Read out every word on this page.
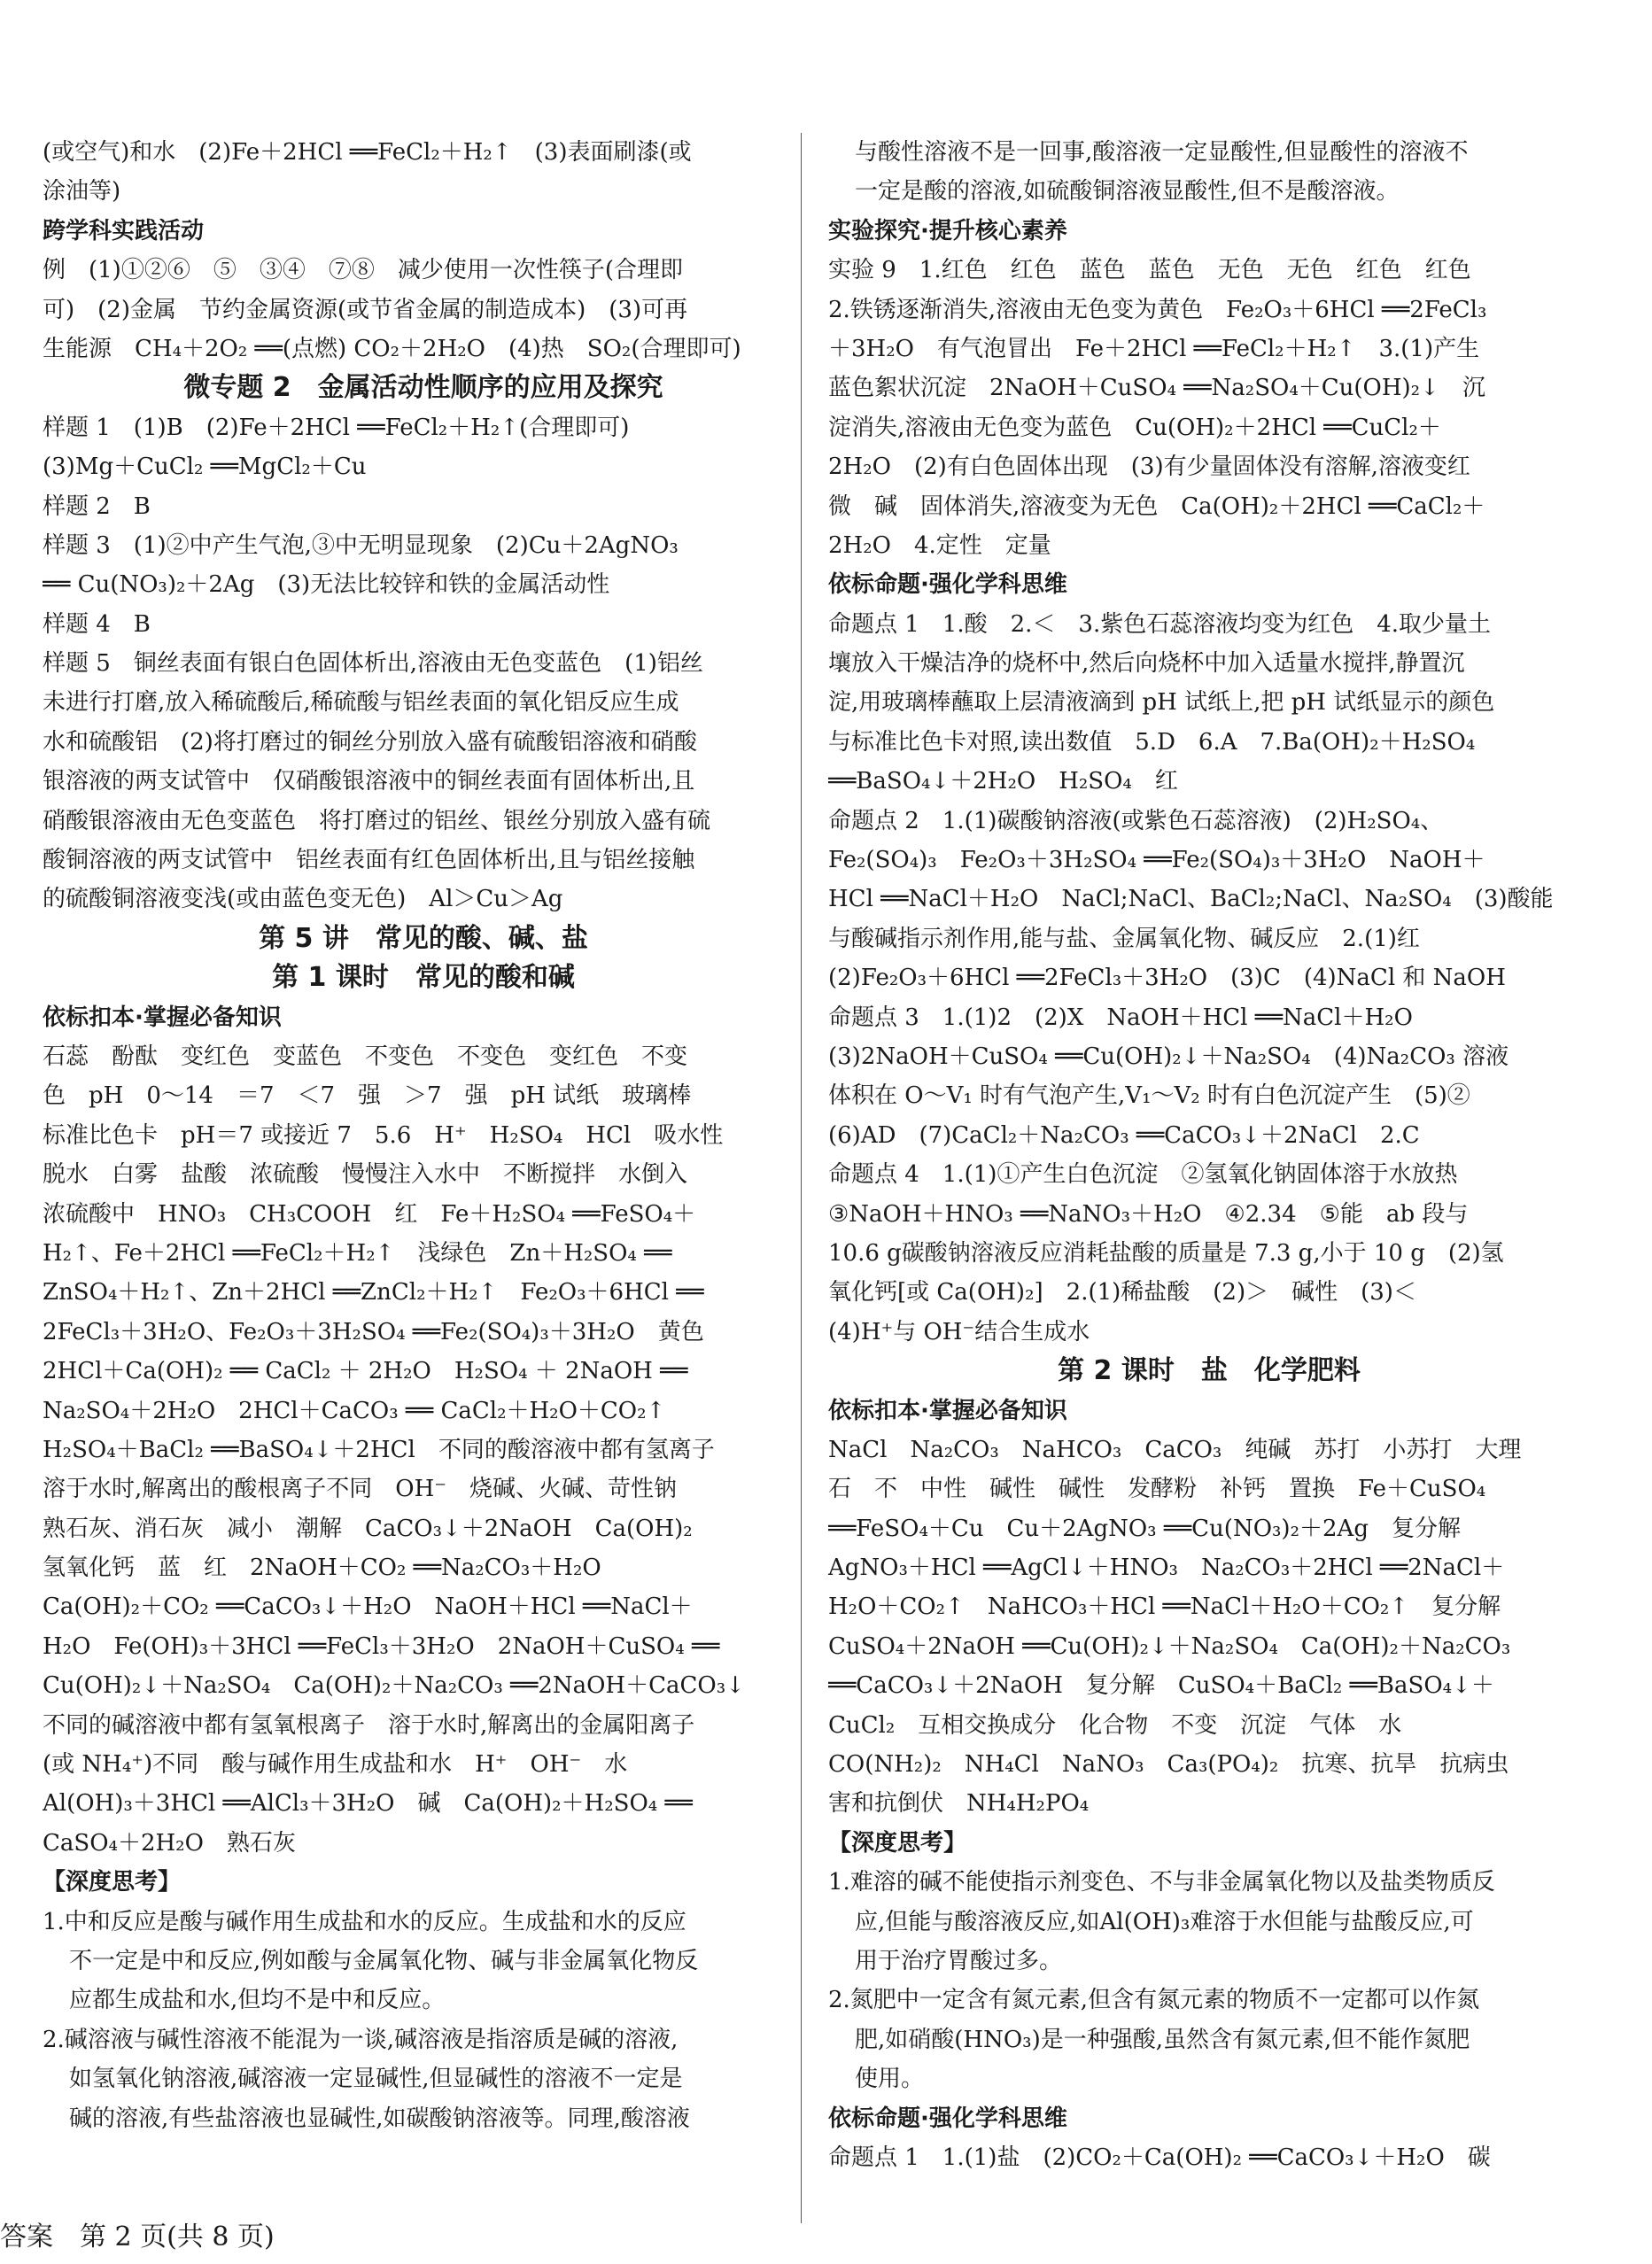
(或空气)和水　(2)Fe＋2HCl ══FeCl₂＋H₂↑　(3)表面刷漆(或
涂油等)
跨学科实践活动
例　(1)①②⑥　⑤　③④　⑦⑧　减少使用一次性筷子(合理即
可)　(2)金属　节约金属资源(或节省金属的制造成本)　(3)可再
生能源　CH₄＋2O₂ ══(点燃) CO₂＋2H₂O　(4)热　SO₂(合理即可)
微专题 2　金属活动性顺序的应用及探究
样题 1　(1)B　(2)Fe＋2HCl ══FeCl₂＋H₂↑(合理即可)
(3)Mg＋CuCl₂ ══MgCl₂＋Cu
样题 2　B
样题 3　(1)②中产生气泡,③中无明显现象　(2)Cu＋2AgNO₃
══ Cu(NO₃)₂＋2Ag　(3)无法比较锌和铁的金属活动性
样题 4　B
样题 5　铜丝表面有银白色固体析出,溶液由无色变蓝色　(1)铝丝
未进行打磨,放入稀硫酸后,稀硫酸与铝丝表面的氧化铝反应生成
水和硫酸铝　(2)将打磨过的铜丝分别放入盛有硫酸铝溶液和硝酸
银溶液的两支试管中　仅硝酸银溶液中的铜丝表面有固体析出,且
硝酸银溶液由无色变蓝色　将打磨过的铝丝、银丝分别放入盛有硫
酸铜溶液的两支试管中　铝丝表面有红色固体析出,且与铝丝接触
的硫酸铜溶液变浅(或由蓝色变无色)　Al＞Cu＞Ag
第 5 讲　常见的酸、碱、盐
第 1 课时　常见的酸和碱
依标扣本·掌握必备知识
石蕊　酚酞　变红色　变蓝色　不变色　不变色　变红色　不变
色　pH　0～14　＝7　＜7　强　＞7　强　pH 试纸　玻璃棒
标准比色卡　pH＝7 或接近 7　5.6　H⁺　H₂SO₄　HCl　吸水性
脱水　白雾　盐酸　浓硫酸　慢慢注入水中　不断搅拌　水倒入
浓硫酸中　HNO₃　CH₃COOH　红　Fe＋H₂SO₄ ══FeSO₄＋
H₂↑、Fe＋2HCl ══FeCl₂＋H₂↑　浅绿色　Zn＋H₂SO₄ ══
ZnSO₄＋H₂↑、Zn＋2HCl ══ZnCl₂＋H₂↑　Fe₂O₃＋6HCl ══
2FeCl₃＋3H₂O、Fe₂O₃＋3H₂SO₄ ══Fe₂(SO₄)₃＋3H₂O　黄色
2HCl＋Ca(OH)₂ ══ CaCl₂ ＋ 2H₂O　H₂SO₄ ＋ 2NaOH ══
Na₂SO₄＋2H₂O　2HCl＋CaCO₃ ══ CaCl₂＋H₂O＋CO₂↑
H₂SO₄＋BaCl₂ ══BaSO₄↓＋2HCl　不同的酸溶液中都有氢离子
溶于水时,解离出的酸根离子不同　OH⁻　烧碱、火碱、苛性钠
熟石灰、消石灰　减小　潮解　CaCO₃↓＋2NaOH　Ca(OH)₂
氢氧化钙　蓝　红　2NaOH＋CO₂ ══Na₂CO₃＋H₂O
Ca(OH)₂＋CO₂ ══CaCO₃↓＋H₂O　NaOH＋HCl ══NaCl＋
H₂O　Fe(OH)₃＋3HCl ══FeCl₃＋3H₂O　2NaOH＋CuSO₄ ══
Cu(OH)₂↓＋Na₂SO₄　Ca(OH)₂＋Na₂CO₃ ══2NaOH＋CaCO₃↓
不同的碱溶液中都有氢氧根离子　溶于水时,解离出的金属阳离子
(或 NH₄⁺)不同　酸与碱作用生成盐和水　H⁺　OH⁻　水
Al(OH)₃＋3HCl ══AlCl₃＋3H₂O　碱　Ca(OH)₂＋H₂SO₄ ══
CaSO₄＋2H₂O　熟石灰
【深度思考】
1.中和反应是酸与碱作用生成盐和水的反应。生成盐和水的反应
不一定是中和反应,例如酸与金属氧化物、碱与非金属氧化物反
应都生成盐和水,但均不是中和反应。
2.碱溶液与碱性溶液不能混为一谈,碱溶液是指溶质是碱的溶液,
如氢氧化钠溶液,碱溶液一定显碱性,但显碱性的溶液不一定是
碱的溶液,有些盐溶液也显碱性,如碳酸钠溶液等。同理,酸溶液
与酸性溶液不是一回事,酸溶液一定显酸性,但显酸性的溶液不
一定是酸的溶液,如硫酸铜溶液显酸性,但不是酸溶液。
实验探究·提升核心素养
实验 9　1.红色　红色　蓝色　蓝色　无色　无色　红色　红色
2.铁锈逐渐消失,溶液由无色变为黄色　Fe₂O₃＋6HCl ══2FeCl₃
＋3H₂O　有气泡冒出　Fe＋2HCl ══FeCl₂＋H₂↑　3.(1)产生
蓝色絮状沉淀　2NaOH＋CuSO₄ ══Na₂SO₄＋Cu(OH)₂↓　沉
淀消失,溶液由无色变为蓝色　Cu(OH)₂＋2HCl ══CuCl₂＋
2H₂O　(2)有白色固体出现　(3)有少量固体没有溶解,溶液变红
微　碱　固体消失,溶液变为无色　Ca(OH)₂＋2HCl ══CaCl₂＋
2H₂O　4.定性　定量
依标命题·强化学科思维
命题点 1　1.酸　2.＜　3.紫色石蕊溶液均变为红色　4.取少量土
壤放入干燥洁净的烧杯中,然后向烧杯中加入适量水搅拌,静置沉
淀,用玻璃棒蘸取上层清液滴到 pH 试纸上,把 pH 试纸显示的颜色
与标准比色卡对照,读出数值　5.D　6.A　7.Ba(OH)₂＋H₂SO₄
══BaSO₄↓＋2H₂O　H₂SO₄　红
命题点 2　1.(1)碳酸钠溶液(或紫色石蕊溶液)　(2)H₂SO₄、
Fe₂(SO₄)₃　Fe₂O₃＋3H₂SO₄ ══Fe₂(SO₄)₃＋3H₂O　NaOH＋
HCl ══NaCl＋H₂O　NaCl;NaCl、BaCl₂;NaCl、Na₂SO₄　(3)酸能
与酸碱指示剂作用,能与盐、金属氧化物、碱反应　2.(1)红
(2)Fe₂O₃＋6HCl ══2FeCl₃＋3H₂O　(3)C　(4)NaCl 和 NaOH
命题点 3　1.(1)2　(2)X　NaOH＋HCl ══NaCl＋H₂O
(3)2NaOH＋CuSO₄ ══Cu(OH)₂↓＋Na₂SO₄　(4)Na₂CO₃ 溶液
体积在 O～V₁ 时有气泡产生,V₁～V₂ 时有白色沉淀产生　(5)②
(6)AD　(7)CaCl₂＋Na₂CO₃ ══CaCO₃↓＋2NaCl　2.C
命题点 4　1.(1)①产生白色沉淀　②氢氧化钠固体溶于水放热
③NaOH＋HNO₃ ══NaNO₃＋H₂O　④2.34　⑤能　ab 段与
10.6 g碳酸钠溶液反应消耗盐酸的质量是 7.3 g,小于 10 g　(2)氢
氧化钙[或 Ca(OH)₂]　2.(1)稀盐酸　(2)＞　碱性　(3)＜
(4)H⁺与 OH⁻结合生成水
第 2 课时　盐　化学肥料
依标扣本·掌握必备知识
NaCl　Na₂CO₃　NaHCO₃　CaCO₃　纯碱　苏打　小苏打　大理
石　不　中性　碱性　碱性　发酵粉　补钙　置换　Fe＋CuSO₄
══FeSO₄＋Cu　Cu＋2AgNO₃ ══Cu(NO₃)₂＋2Ag　复分解
AgNO₃＋HCl ══AgCl↓＋HNO₃　Na₂CO₃＋2HCl ══2NaCl＋
H₂O＋CO₂↑　NaHCO₃＋HCl ══NaCl＋H₂O＋CO₂↑　复分解
CuSO₄＋2NaOH ══Cu(OH)₂↓＋Na₂SO₄　Ca(OH)₂＋Na₂CO₃
══CaCO₃↓＋2NaOH　复分解　CuSO₄＋BaCl₂ ══BaSO₄↓＋
CuCl₂　互相交换成分　化合物　不变　沉淀　气体　水
CO(NH₂)₂　NH₄Cl　NaNO₃　Ca₃(PO₄)₂　抗寒、抗旱　抗病虫
害和抗倒伏　NH₄H₂PO₄
【深度思考】
1.难溶的碱不能使指示剂变色、不与非金属氧化物以及盐类物质反
应,但能与酸溶液反应,如Al(OH)₃难溶于水但能与盐酸反应,可
用于治疗胃酸过多。
2.氮肥中一定含有氮元素,但含有氮元素的物质不一定都可以作氮
肥,如硝酸(HNO₃)是一种强酸,虽然含有氮元素,但不能作氮肥
使用。
依标命题·强化学科思维
命题点 1　1.(1)盐　(2)CO₂＋Ca(OH)₂ ══CaCO₃↓＋H₂O　碳
答案　第 2 页(共 8 页)
